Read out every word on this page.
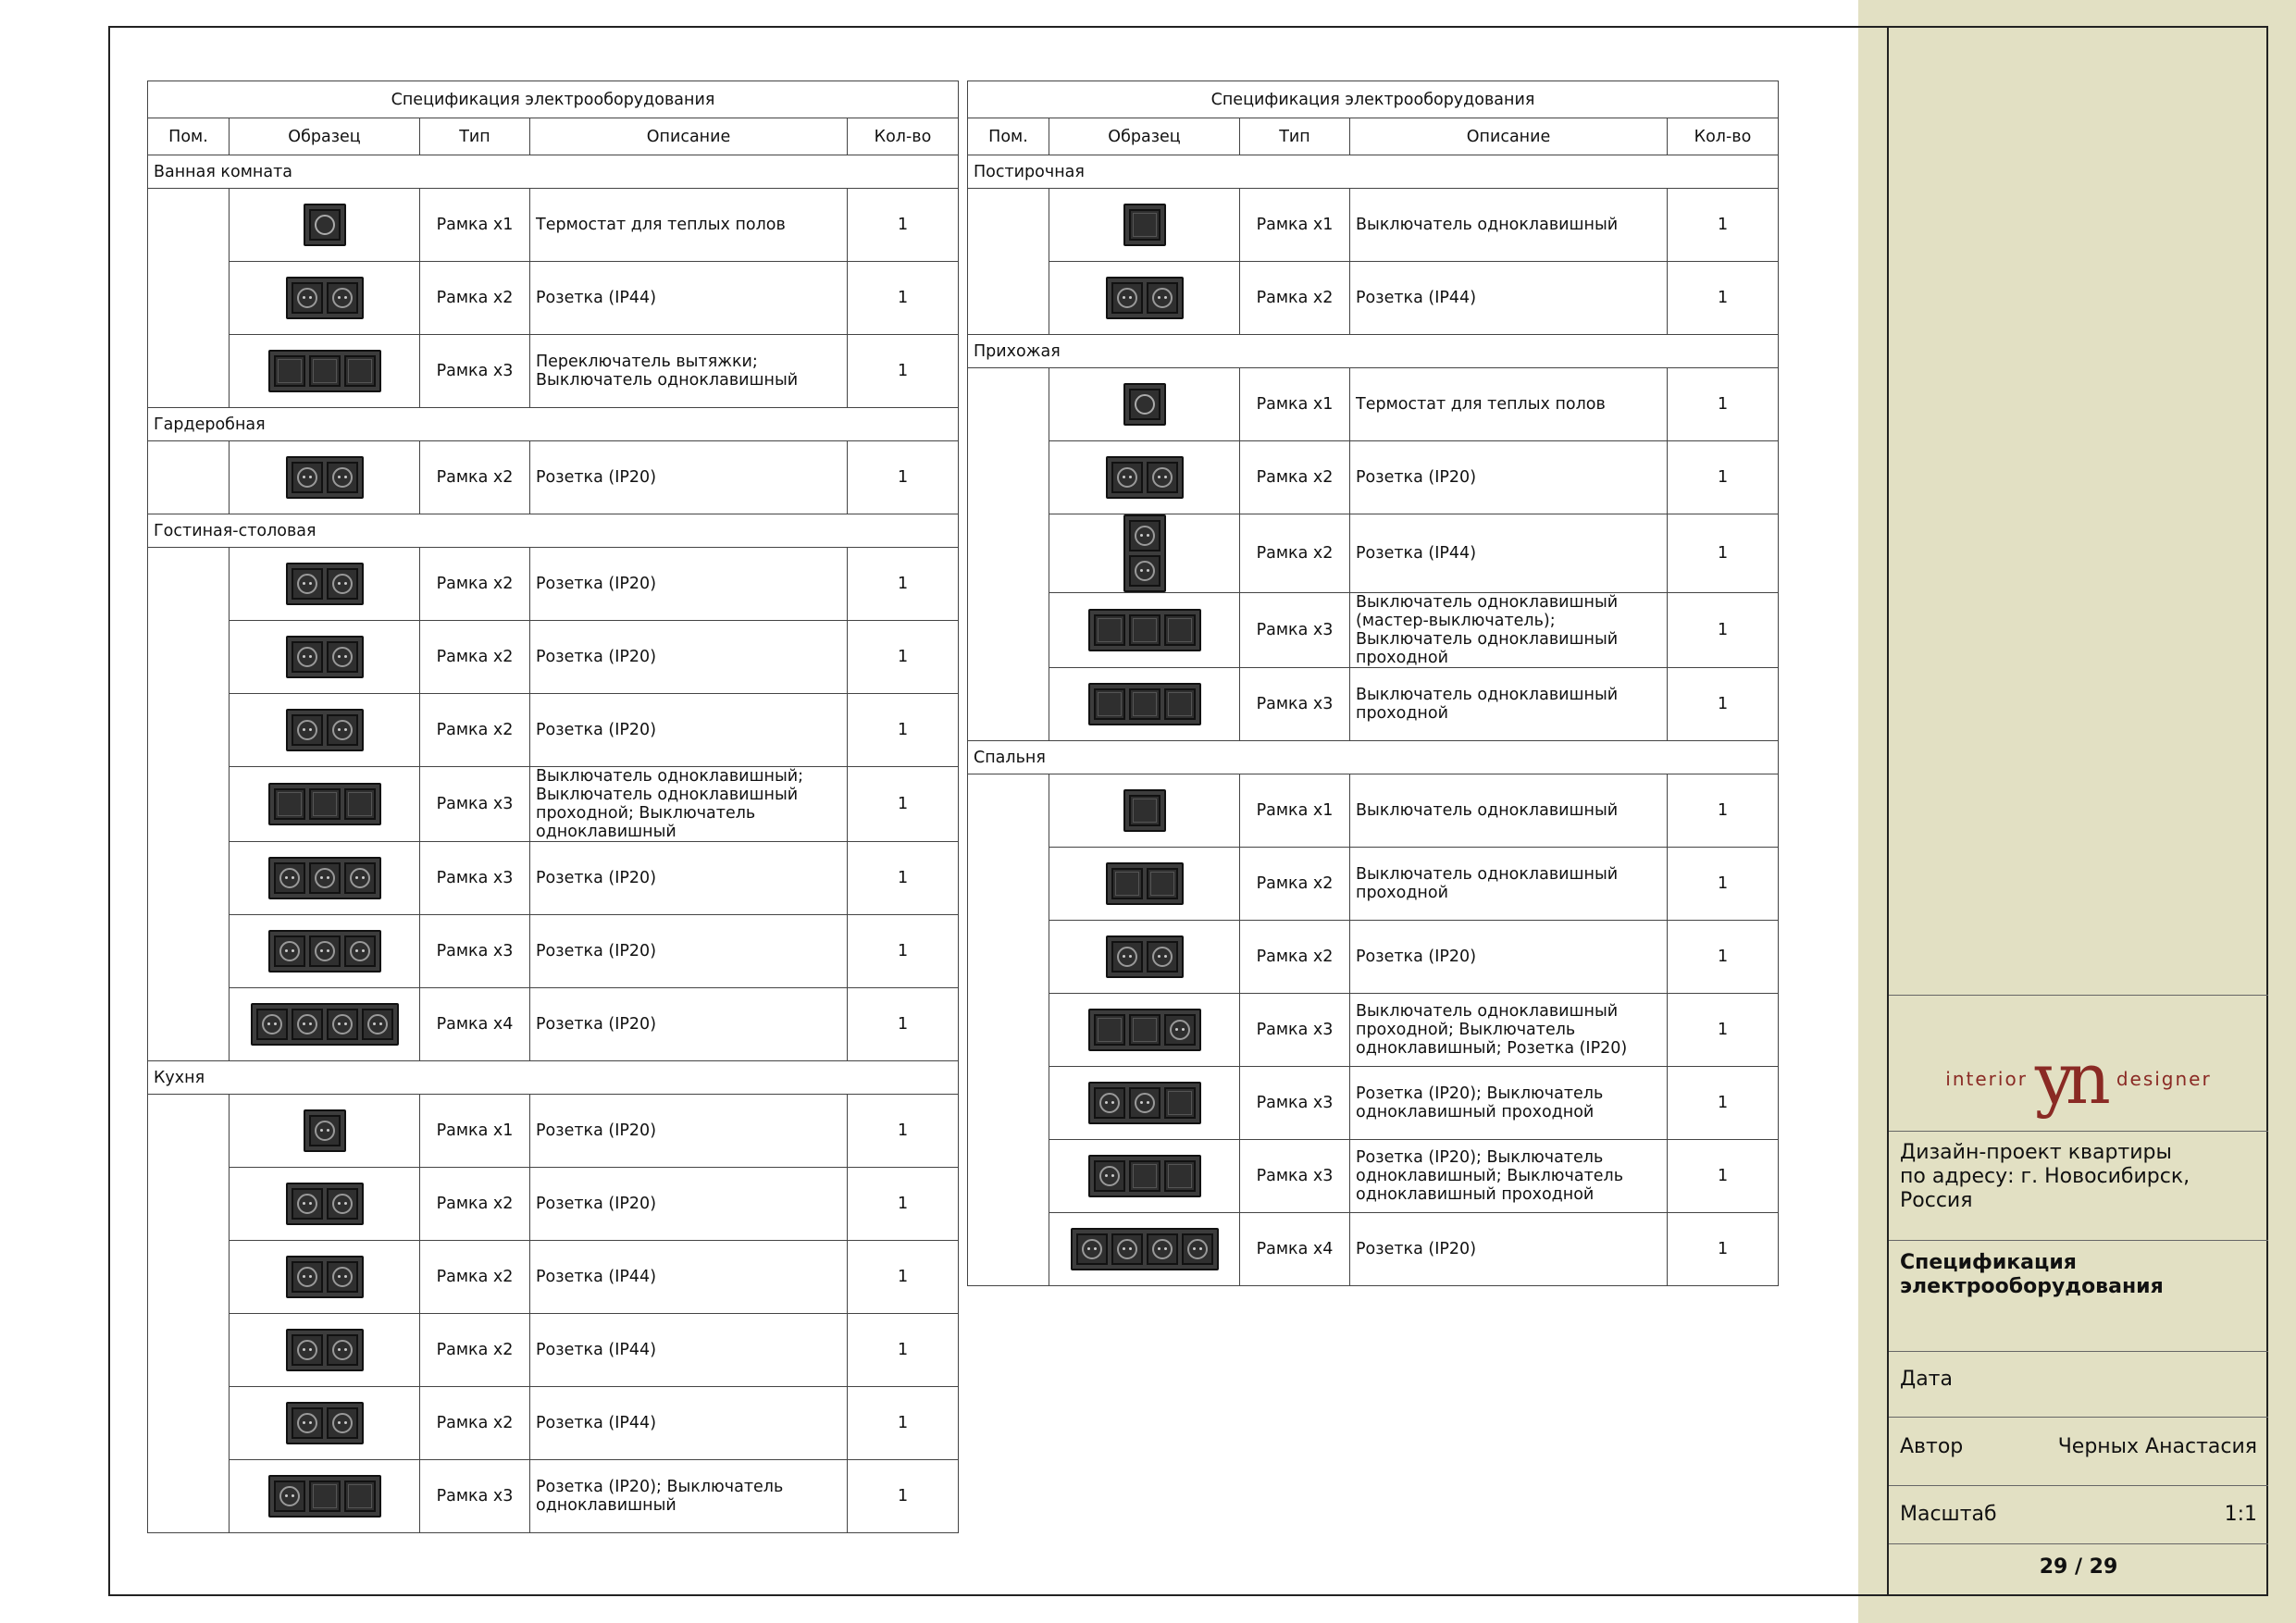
Спецификация электрооборудования				
Пом.	Образец	Тип	Описание	Кол-во
Ванная комната				

	Рамка x1	Термостат для теплых полов	1

		Рамка x2	Розетка (IP44)	1

		Рамка x3	Переключатель вытяжки; Выключатель одноклавишный	1
Гардеробная				

	Рамка x2	Розетка (IP20)	1
Гостиная-столовая				

	Рамка x2	Розетка (IP20)	1

		Рамка x2	Розетка (IP20)	1

		Рамка x2	Розетка (IP20)	1

		Рамка x3	Выключатель одноклавишный; Выключатель одноклавишный проходной; Выключатель одноклавишный	1

		Рамка x3	Розетка (IP20)	1

		Рамка x3	Розетка (IP20)	1

		Рамка x4	Розетка (IP20)	1
Кухня				

	Рамка x1	Розетка (IP20)	1

		Рамка x2	Розетка (IP20)	1

		Рамка x2	Розетка (IP44)	1

		Рамка x2	Розетка (IP44)	1

		Рамка x2	Розетка (IP44)	1

		Рамка x3	Розетка (IP20); Выключатель одноклавишный	1
Спецификация электрооборудования				
Пом.	Образец	Тип	Описание	Кол-во
Постирочная				

	Рамка x1	Выключатель одноклавишный	1

		Рамка x2	Розетка (IP44)	1
Прихожая				

	Рамка x1	Термостат для теплых полов	1

		Рамка x2	Розетка (IP20)	1

		Рамка x2	Розетка (IP44)	1

		Рамка x3	Выключатель одноклавишный (мастер-выключатель); Выключатель одноклавишный проходной	1

		Рамка x3	Выключатель одноклавишный проходной	1
Спальня				

	Рамка x1	Выключатель одноклавишный	1

		Рамка x2	Выключатель одноклавишный проходной	1

		Рамка x2	Розетка (IP20)	1

		Рамка x3	Выключатель одноклавишный проходной; Выключатель одноклавишный; Розетка (IP20)	1

		Рамка x3	Розетка (IP20); Выключатель одноклавишный проходной	1

		Рамка x3	Розетка (IP20); Выключатель одноклавишный; Выключатель одноклавишный проходной	1

		Рамка x4	Розетка (IP20)	1
interior yn designer
Дизайн-проект квартиры
по адресу: г. Новосибирск, Россия
Спецификация
электрооборудования
Дата
Автор	Черных Анастасия
Масштаб	1:1
29 / 29
